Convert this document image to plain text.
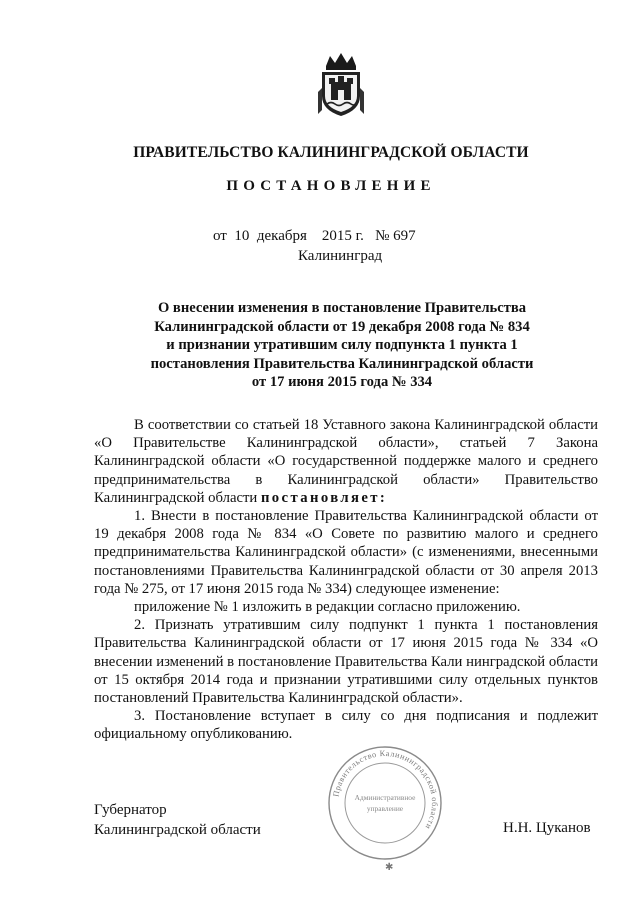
ПРАВИТЕЛЬСТВО КАЛИНИНГРАДСКОЙ ОБЛАСТИ
ПОСТАНОВЛЕНИЕ
от 10 декабря 2015 г. № 697
Калининград
О внесении изменения в постановление Правительства
Калининградской области от 19 декабря 2008 года № 834
и признании утратившим силу подпункта 1 пункта 1
постановления Правительства Калининградской области
от 17 июня 2015 года № 334

В соответствии со статьей 18 Уставного закона Калининградской области «О Правительстве Калининградской области», статьей 7 Закона Калининградской области «О государственной поддержке малого и среднего предпринимательства в Калининградской области» Правительство Калининградской области постановляет:

1. Внести в постановление Правительства Калининградской области от 19 декабря 2008 года № 834 «О Совете по развитию малого и среднего предпринимательства Калининградской области» (с изменениями, внесенными постановлениями Правительства Калининградской области от 30 апреля 2013 года № 275, от 17 июня 2015 года № 334) следующее изменение:

приложение № 1 изложить в редакции согласно приложению.

2. Признать утратившим силу подпункт 1 пункта 1 постановления Правительства Калининградской области от 17 июня 2015 года № 334 «О внесении изменений в постановление Правительства Кали нинградской области от 15 октября 2014 года и признании утратившими силу отдельных пунктов постановлений Правительства Калининградской области».

3. Постановление вступает в силу со дня подписания и подлежит официальному опубликованию.

Правительство Калининградской области
Административное
управление
✱
Губернатор
Калининградской области	Н.Н. Цуканов
